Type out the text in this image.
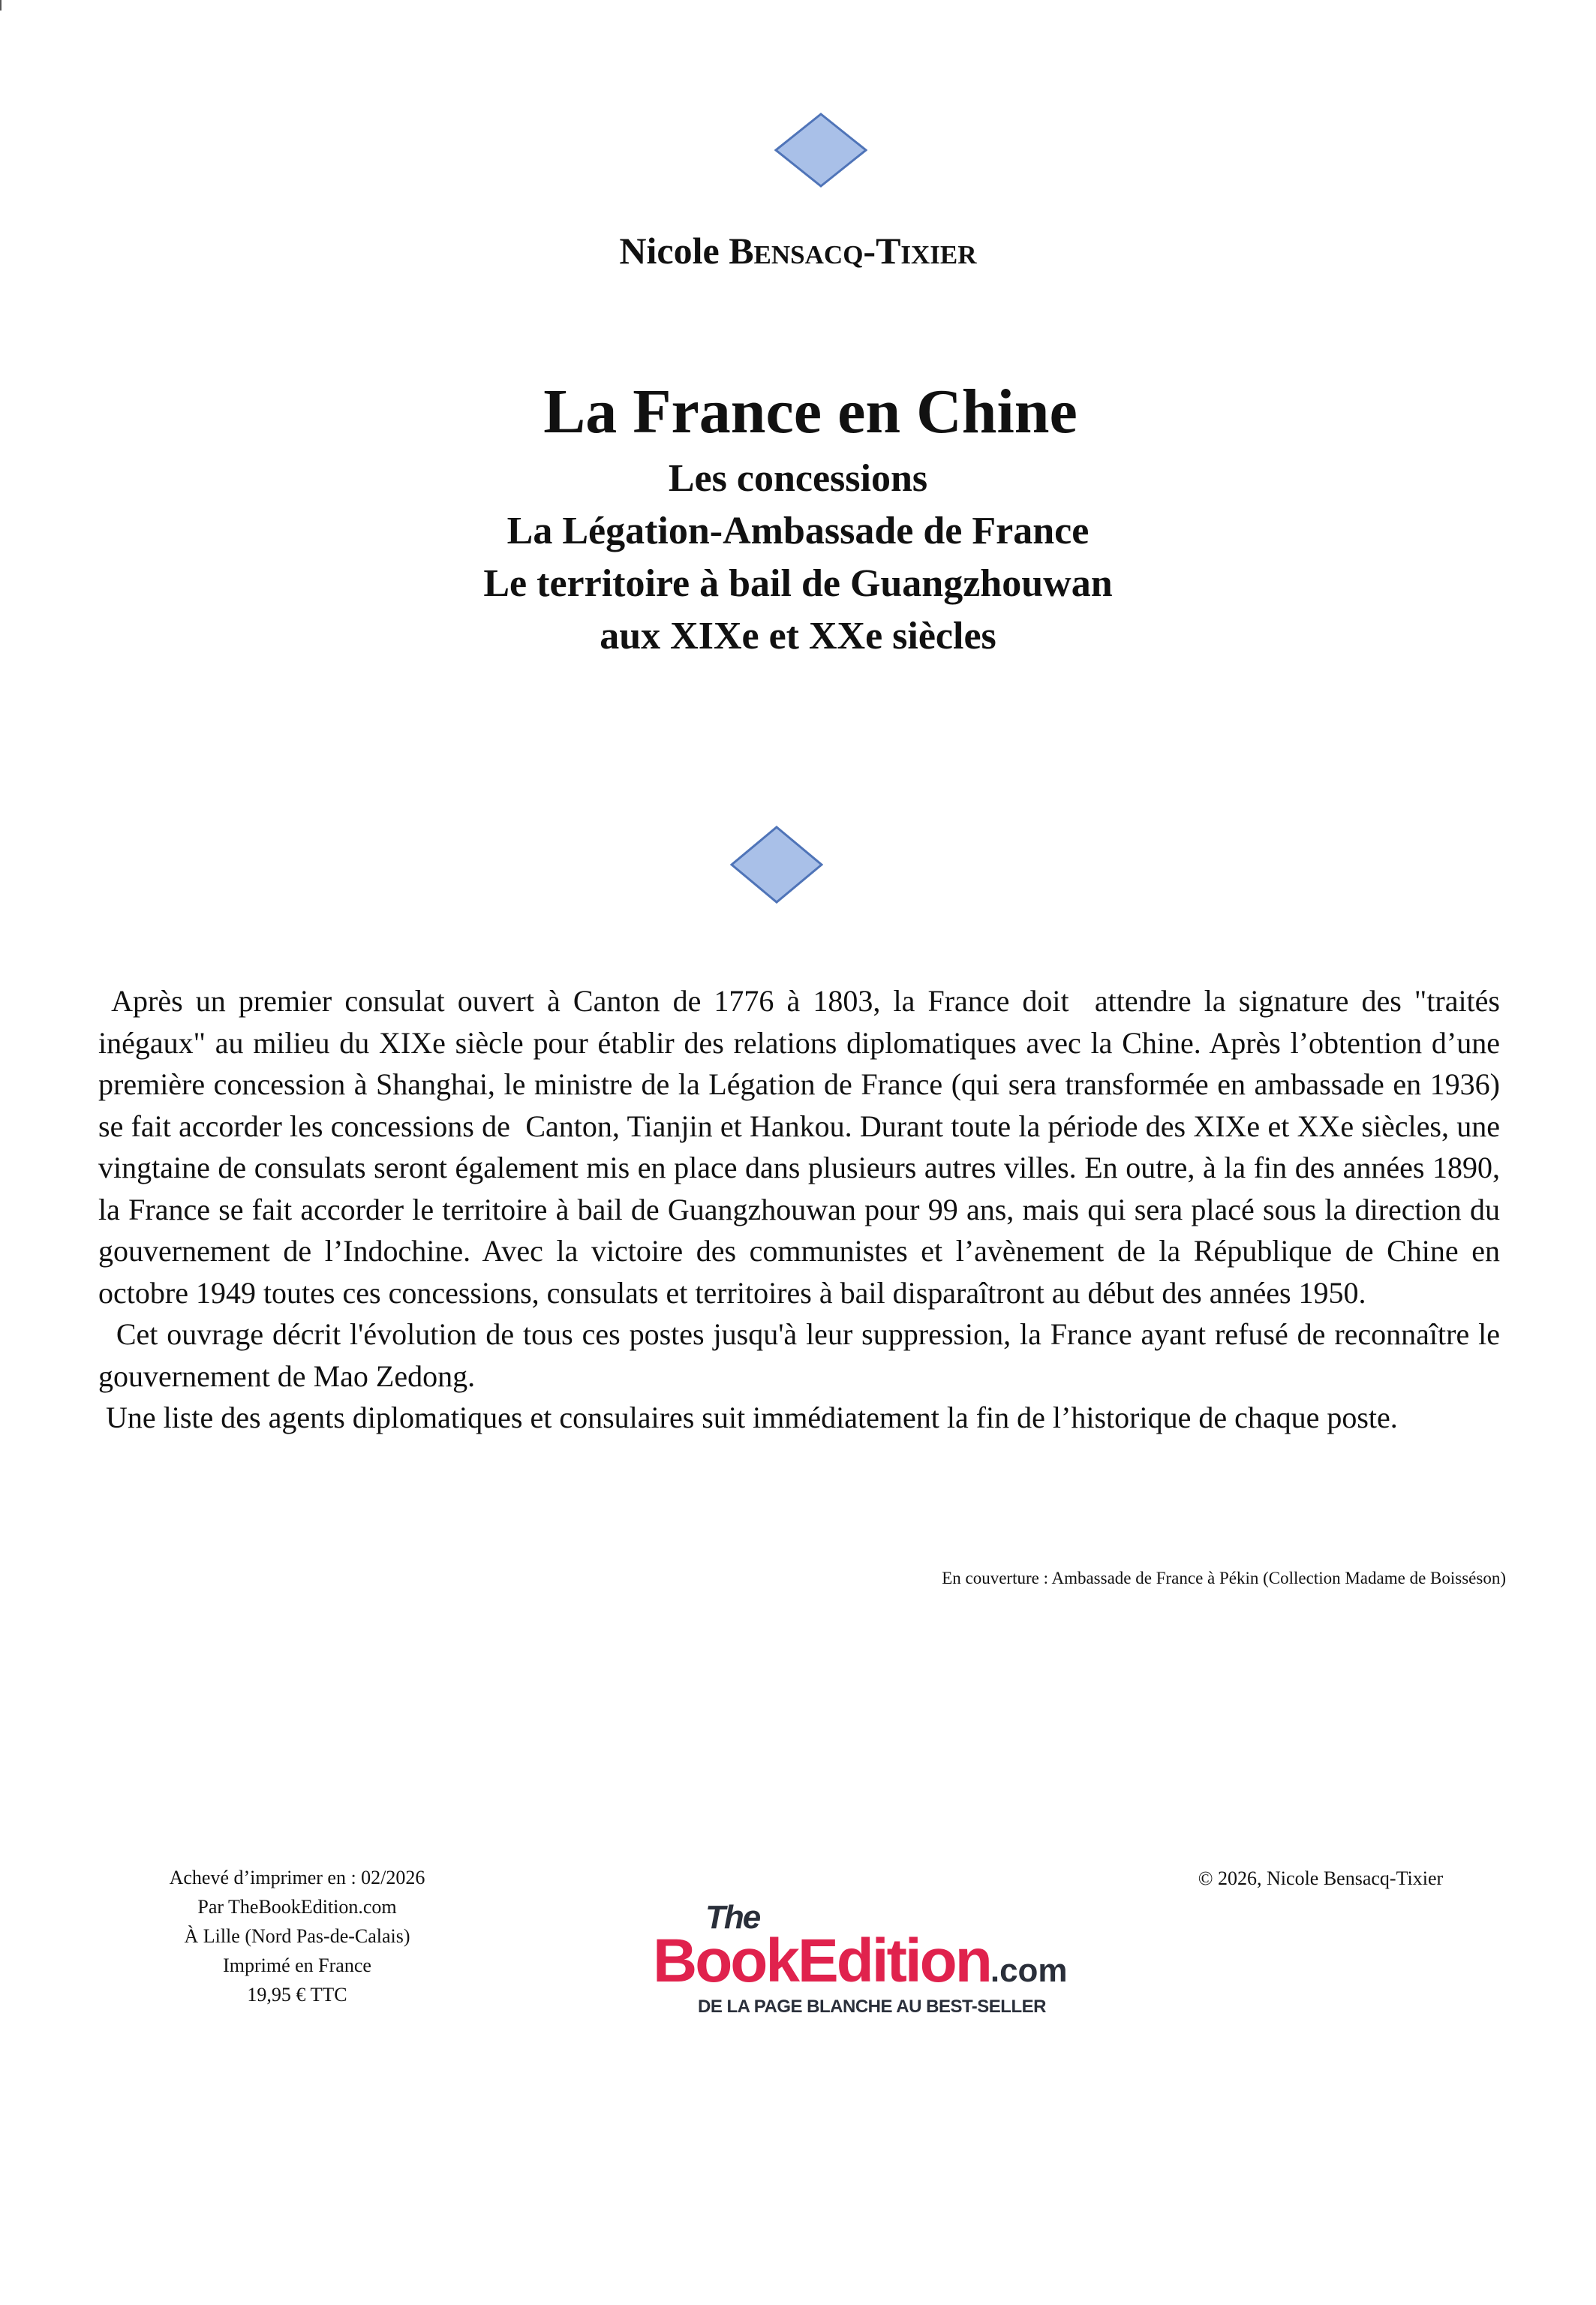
Nicole Bensacq-Tixier
La France en Chine
Les concessions
La Légation-Ambassade de France
Le territoire à bail de Guangzhouwan
aux XIXe et XXe siècles

Après un premier consulat ouvert à Canton de 1776 à 1803, la France doit  attendre la signature des "traités inégaux" au milieu du XIXe siècle pour établir des relations diplomatiques avec la Chine. Après l’obtention d’une première concession à Shanghai, le ministre de la Légation de France (qui sera transformée en ambassade en 1936) se fait accorder les concessions de  Canton, Tianjin et Hankou. Durant toute la période des XIXe et XXe siècles, une vingtaine de consulats seront également mis en place dans plusieurs autres villes. En outre, à la fin des années 1890, la France se fait accorder le territoire à bail de Guangzhouwan pour 99 ans, mais qui sera placé sous la direction du gouvernement de l’Indochine. Avec la victoire des communistes et l’avènement de la République de Chine en octobre 1949 toutes ces concessions, consulats et territoires à bail disparaîtront au début des années 1950.

Cet ouvrage décrit l'évolution de tous ces postes jusqu'à leur suppression, la France ayant refusé de reconnaître le gouvernement de Mao Zedong.

Une liste des agents diplomatiques et consulaires suit immédiatement la fin de l’historique de chaque poste.

En couverture : Ambassade de France à Pékin (Collection Madame de Boisséson)
Achevé d’imprimer en : 02/2026
Par TheBookEdition.com
À Lille (Nord Pas-de-Calais)
Imprimé en France
19,95 € TTC
© 2026, Nicole Bensacq-Tixier
The
BookEdition.com
DE LA PAGE BLANCHE AU BEST-SELLER
